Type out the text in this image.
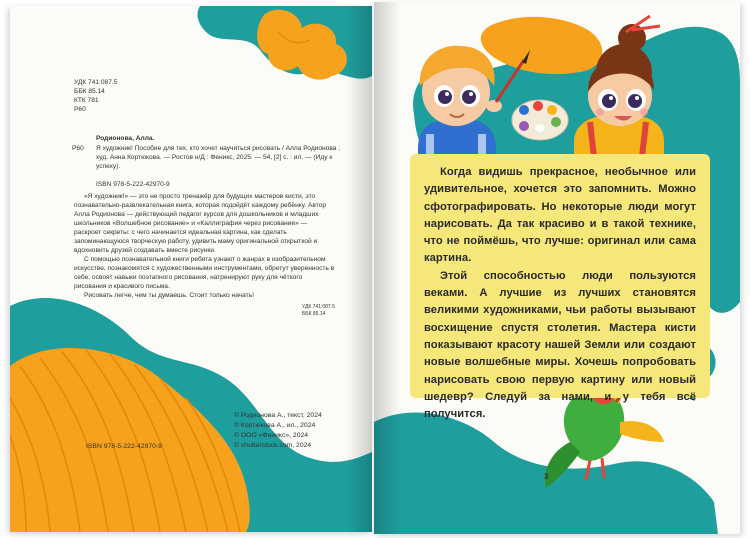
УДК 741:087.5
ББК 85.14
КТК 781
Р60
Родионова, Алла.
Р60 Я художник! Пособие для тех, кто хочет научиться рисовать / Алла Родионова ; худ. Анна Кортюкова. — Ростов н/Д : Феникс, 2025. — 54, [2] с. : ил. — (Иду к успеху).
ISBN 978-5-222-42970-9

«Я художник!» — это не просто тренажёр для будущих мастеров кисти, это познавательно-развлекательная книга, которая подойдёт каждому ребёнку. Автор Алла Родионова — действующий педагог курсов для дошкольников и младших школьников «Волшебное рисование» и «Каллиграфия через рисование» — раскроет секреты: с чего начинается идеальная картина, как сделать запоминающуюся творческую работу, удивить маму оригинальной открыткой и вдохновить друзей создавать вместе рисунки.

С помощью познавательной книги ребята узнают о жанрах в изобразительном искусстве, познакомятся с художественными инструментами, обретут уверенность в себе, освоят навыки поэтапного рисования, натренируют руку для чёткого рисования и красивого письма.

Рисовать легче, чем ты думаешь. Стоит только начать!

УДК 741:087.5
ББК 85.14
© Родионова А., текст, 2024
© Кортюкова А., ил., 2024
© ООО «Феникс», 2024
© shutterstock.com, 2024
ISBN 978-5-222-42970-9

Когда видишь прекрасное, необычное или удивительное, хочется это запомнить. Можно сфотографировать. Но некоторые люди могут нарисовать. Да так красиво и в такой технике, что не поймёшь, что лучше: оригинал или сама картина.

Этой способностью люди пользуются веками. А лучшие из лучших становятся великими художниками, чьи работы вызывают восхищение спустя столетия. Мастера кисти показывают красоту нашей Земли или создают новые волшебные миры. Хочешь попробовать нарисовать свою первую картину или новый шедевр? Следуй за нами, и у тебя всё получится.

3
